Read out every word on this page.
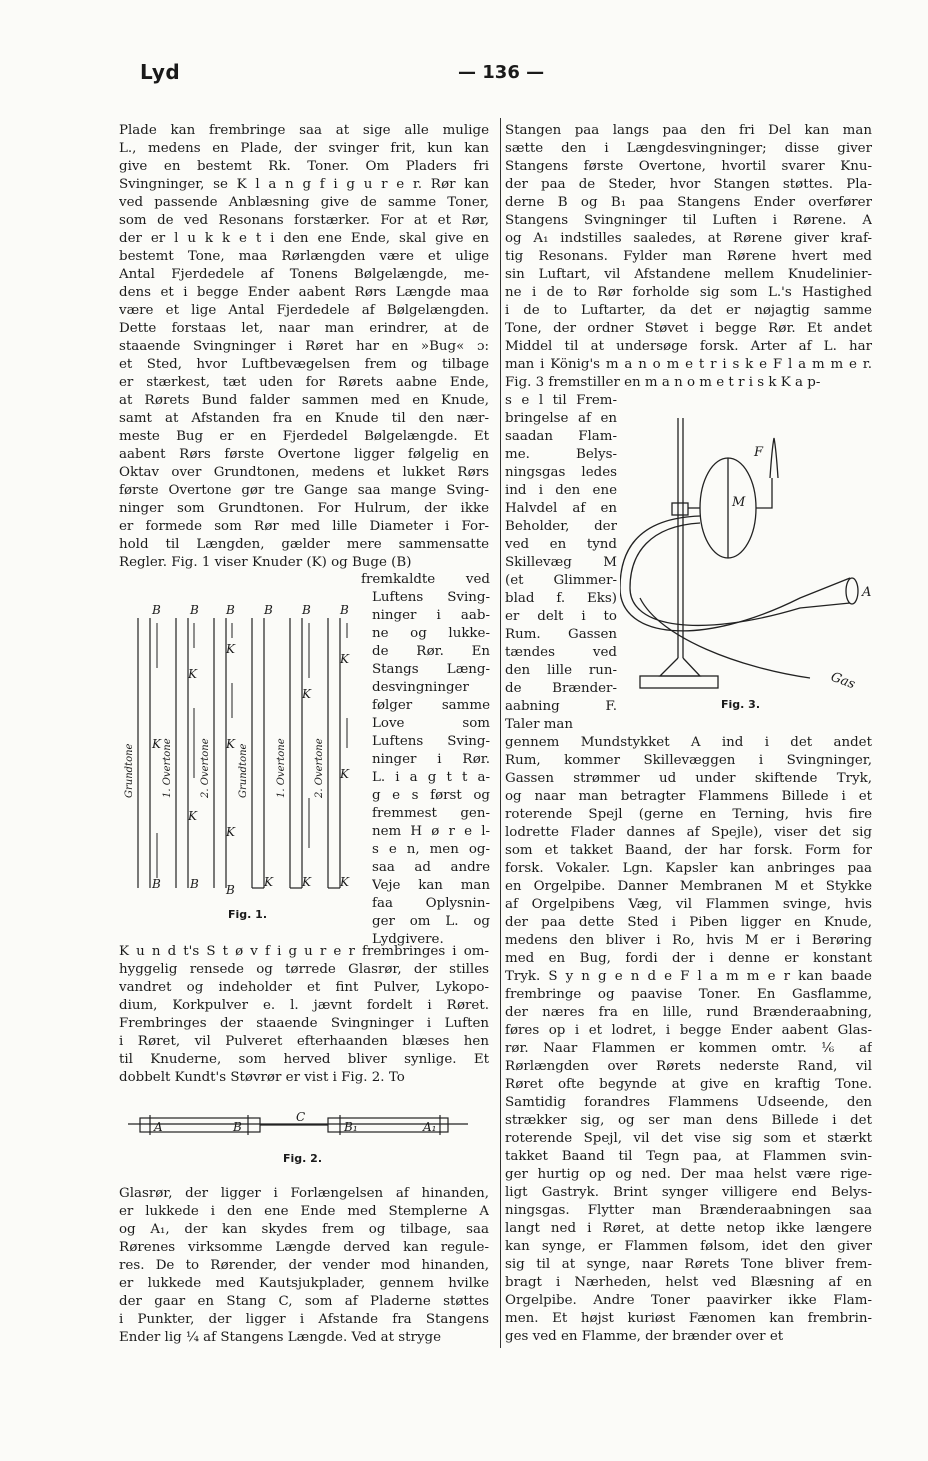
Lyd	— 136 —
Plade kan frembringe saa at sige alle mulige
L., medens en Plade, der svinger frit, kun kan
give en bestemt Rk. Toner. Om Pladers fri
Svingninger, se K l a n g f i g u r e r. Rør kan
ved passende Anblæsning give de samme Toner,
som de ved Resonans forstærker. For at et Rør,
der er l u k k e t i den ene Ende, skal give en
bestemt Tone, maa Rørlængden være et ulige
Antal Fjerdedele af Tonens Bølgelængde, me-
dens et i begge Ender aabent Rørs Længde maa
være et lige Antal Fjerdedele af Bølgelængden.
Dette forstaas let, naar man erindrer, at de
staaende Svingninger i Røret har en »Bug« ɔ:
et Sted, hvor Luftbevægelsen frem og tilbage
er stærkest, tæt uden for Rørets aabne Ende,
at Rørets Bund falder sammen med en Knude,
samt at Afstanden fra en Knude til den nær-
meste Bug er en Fjerdedel Bølgelængde. Et
aabent Rørs første Overtone ligger følgelig en
Oktav over Grundtonen, medens et lukket Rørs
første Overtone gør tre Gange saa mange Sving-
ninger som Grundtonen. For Hulrum, der ikke
er formede som Rør med lille Diameter i For-
hold til Længden, gælder mere sammensatte
Regler. Fig. 1 viser Knuder (K) og Buge (B)
fremkaldte ved
Luftens Sving-
ninger i aab-
ne og lukke-
de Rør. En
Stangs Læng-
desvingninger
følger samme
Love som
Luftens Sving-
ninger i Rør.
L. i a g t t a-
g e s først og
fremmest gen-
nem H ø r e l-
s e n, men og-
saa ad andre
Veje kan man
faa Oplysnin-
ger om L. og
Lydgivere.
K u n d t's S t ø v f i g u r e r frembringes i om-
hyggelig rensede og tørrede Glasrør, der stilles
vandret og indeholder et fint Pulver, Lykopo-
dium, Korkpulver e. l. jævnt fordelt i Røret.
Frembringes der staaende Svingninger i Luften
i Røret, vil Pulveret efterhaanden blæses hen
til Knuderne, som herved bliver synlige. Et
dobbelt Kundt's Støvrør er vist i Fig. 2. To
Glasrør, der ligger i Forlængelsen af hinanden,
er lukkede i den ene Ende med Stemplerne A
og A₁, der kan skydes frem og tilbage, saa
Rørenes virksomme Længde derved kan regule-
res. De to Rørender, der vender mod hinanden,
er lukkede med Kautsjukplader, gennem hvilke
der gaar en Stang C, som af Pladerne støttes
i Punkter, der ligger i Afstande fra Stangens
Ender lig ¼ af Stangens Længde. Ved at stryge
Stangen paa langs paa den fri Del kan man
sætte den i Længdesvingninger; disse giver
Stangens første Overtone, hvortil svarer Knu-
der paa de Steder, hvor Stangen støttes. Pla-
derne B og B₁ paa Stangens Ender overfører
Stangens Svingninger til Luften i Rørene. A
og A₁ indstilles saaledes, at Rørene giver kraf-
tig Resonans. Fylder man Rørene hvert med
sin Luftart, vil Afstandene mellem Knudelinier-
ne i de to Rør forholde sig som L.'s Hastighed
i de to Luftarter, da det er nøjagtig samme
Tone, der ordner Støvet i begge Rør. Et andet
Middel til at undersøge forsk. Arter af L. har
man i König's m a n o m e t r i s k e F l a m m e r.
Fig. 3 fremstiller en m a n o m e t r i s k K a p-
s e l til Frem-
bringelse af en
saadan Flam-
me. Belys-
ningsgas ledes
ind i den ene
Halvdel af en
Beholder, der
ved en tynd
Skillevæg M
(et Glimmer-
blad f. Eks)
er delt i to
Rum. Gassen
tændes ved
den lille run-
de Brænder-
aabning F.
Taler man
gennem Mundstykket A ind i det andet
Rum, kommer Skillevæggen i Svingninger,
Gassen strømmer ud under skiftende Tryk,
og naar man betragter Flammens Billede i et
roterende Spejl (gerne en Terning, hvis fire
lodrette Flader dannes af Spejle), viser det sig
som et takket Baand, der har forsk. Form for
forsk. Vokaler. Lgn. Kapsler kan anbringes paa
en Orgelpibe. Danner Membranen M et Stykke
af Orgelpibens Væg, vil Flammen svinge, hvis
der paa dette Sted i Piben ligger en Knude,
medens den bliver i Ro, hvis M er i Berøring
med en Bug, fordi der i denne er konstant
Tryk. S y n g e n d e F l a m m e r kan baade
frembringe og paavise Toner. En Gasflamme,
der næres fra en lille, rund Brænderaabning,
føres op i et lodret, i begge Ender aabent Glas-
rør. Naar Flammen er kommen omtr. ⅙ af
Rørlængden over Rørets nederste Rand, vil
Røret ofte begynde at give en kraftig Tone.
Samtidig forandres Flammens Udseende, den
strækker sig, og ser man dens Billede i det
roterende Spejl, vil det vise sig som et stærkt
takket Baand til Tegn paa, at Flammen svin-
ger hurtig op og ned. Der maa helst være rige-
ligt Gastryk. Brint synger villigere end Belys-
ningsgas. Flytter man Brænderaabningen saa
langt ned i Røret, at dette netop ikke længere
kan synge, er Flammen følsom, idet den giver
sig til at synge, naar Rørets Tone bliver frem-
bragt i Nærheden, helst ved Blæsning af en
Orgelpibe. Andre Toner paavirker ikke Flam-
men. Et højst kuriøst Fænomen kan frembrin-
ges ved en Flamme, der brænder over et
B B B B B B
K
K
K
K
K
K
K
K
K
K
K
K
B B B
Grundtone	1. Overtone	2. Overtone	Grundtone	1. Overtone	2. Overtone
Fig. 1.
A	B
C
B₁	A₁
Fig. 2.
F
M
A
Gas
Fig. 3.
